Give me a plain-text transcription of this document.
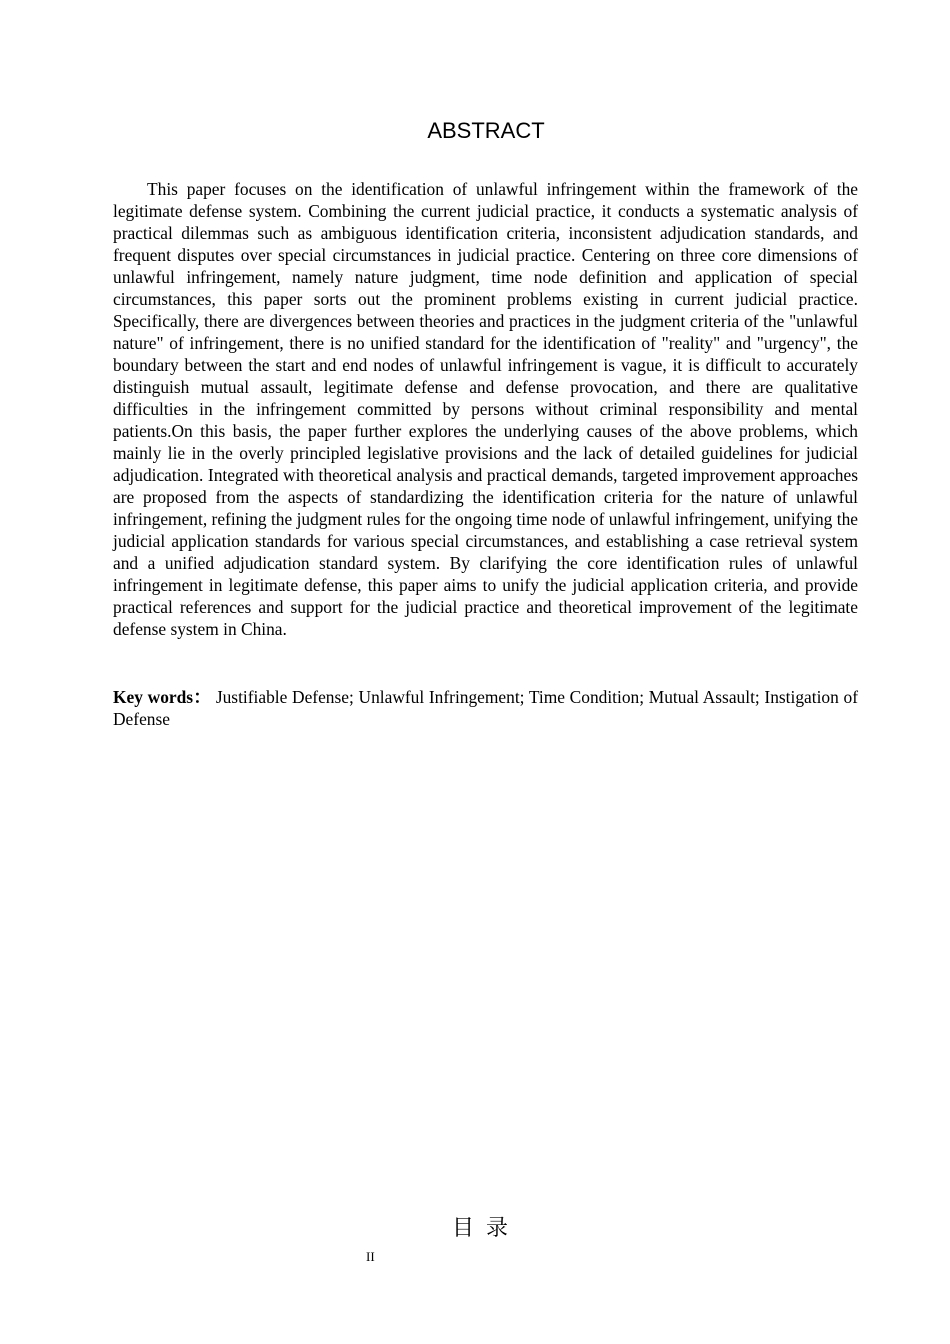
ABSTRACT

This paper focuses on the identification of unlawful infringement within the framework of the legitimate defense system. Combining the current judicial practice, it conducts a systematic analysis of practical dilemmas such as ambiguous identification criteria, inconsistent adjudication standards, and frequent disputes over special circumstances in judicial practice. Centering on three core dimensions of unlawful infringement, namely nature judgment, time node definition and application of special circumstances, this paper sorts out the prominent problems existing in current judicial practice. Specifically, there are divergences between theories and practices in the judgment criteria of the "unlawful nature" of infringement, there is no unified standard for the identification of "reality" and "urgency", the boundary between the start and end nodes of unlawful infringement is vague, it is difficult to accurately distinguish mutual assault, legitimate defense and defense provocation, and there are qualitative difficulties in the infringement committed by persons without criminal responsibility and mental patients.On this basis, the paper further explores the underlying causes of the above problems, which mainly lie in the overly principled legislative provisions and the lack of detailed guidelines for judicial adjudication. Integrated with theoretical analysis and practical demands, targeted improvement approaches are proposed from the aspects of standardizing the identification criteria for the nature of unlawful infringement, refining the judgment rules for the ongoing time node of unlawful infringement, unifying the judicial application standards for various special circumstances, and establishing a case retrieval system and a unified adjudication standard system. By clarifying the core identification rules of unlawful infringement in legitimate defense, this paper aims to unify the judicial application criteria, and provide practical references and support for the judicial practice and theoretical improvement of the legitimate defense system in China.

Key words： Justifiable Defense; Unlawful Infringement; Time Condition; Mutual Assault; Instigation of Defense

目录
II
